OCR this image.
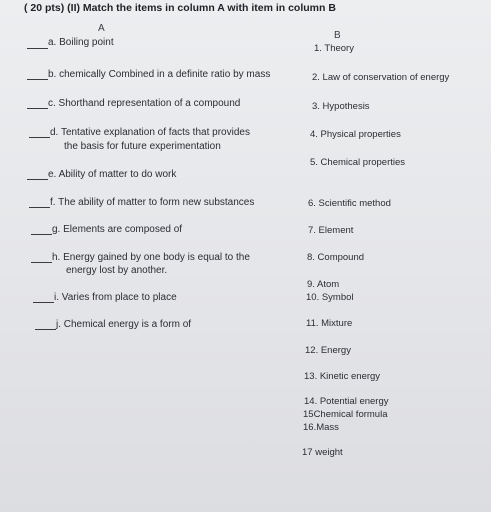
( 20 pts) (II) Match the items in column A with item in column B
A
B
a. Boiling point
b. chemically Combined in a definite ratio by mass
c. Shorthand representation of a compound
d. Tentative explanation of facts that provides
the basis for future experimentation
e. Ability of matter to do work
f. The ability of matter to form new substances
g. Elements are composed of
h. Energy gained by one body is equal to the
energy lost by another.
i. Varies from place to place
j. Chemical energy is a form of
1. Theory
2. Law of conservation of energy
3. Hypothesis
4. Physical properties
5. Chemical properties
6. Scientific method
7. Element
8. Compound
9. Atom
10. Symbol
11. Mixture
12. Energy
13. Kinetic energy
14. Potential energy
15Chemical formula
16.Mass
17 weight
